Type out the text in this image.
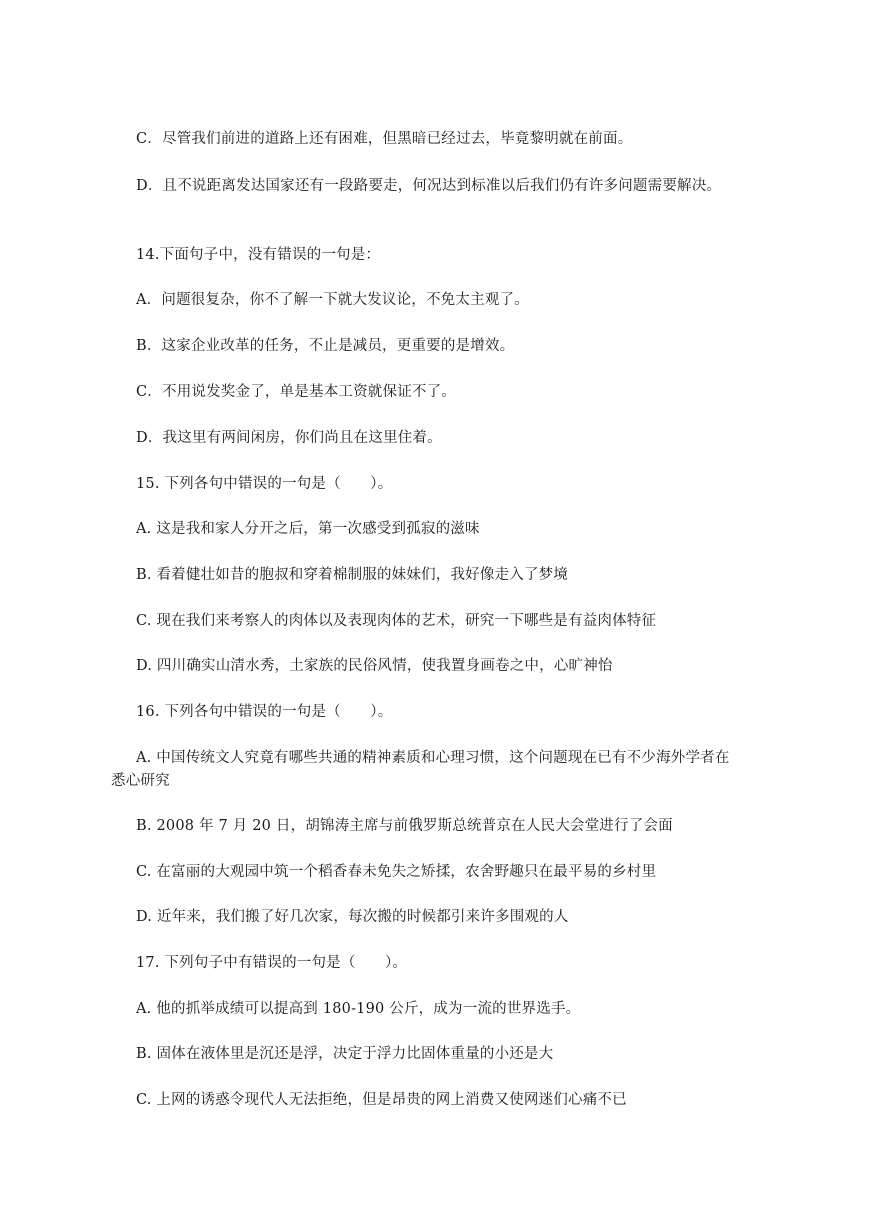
C．尽管我们前进的道路上还有困难，但黑暗已经过去，毕竟黎明就在前面。
D．且不说距离发达国家还有一段路要走，何况达到标准以后我们仍有许多问题需要解决。
14.下面句子中，没有错误的一句是：
A．问题很复杂，你不了解一下就大发议论，不免太主观了。
B．这家企业改革的任务，不止是减员，更重要的是增效。
C．不用说发奖金了，单是基本工资就保证不了。
D．我这里有两间闲房，你们尚且在这里住着。
15. 下列各句中错误的一句是（　　）。
A. 这是我和家人分开之后，第一次感受到孤寂的滋味
B. 看着健壮如昔的胞叔和穿着棉制服的妹妹们，我好像走入了梦境
C. 现在我们来考察人的肉体以及表现肉体的艺术，研究一下哪些是有益肉体特征
D. 四川确实山清水秀，土家族的民俗风情，使我置身画卷之中，心旷神怡
16. 下列各句中错误的一句是（　　）。
A. 中国传统文人究竟有哪些共通的精神素质和心理习惯，这个问题现在已有不少海外学者在悉心研究
B. 2008 年 7 月 20 日，胡锦涛主席与前俄罗斯总统普京在人民大会堂进行了会面
C. 在富丽的大观园中筑一个稻香春未免失之矫揉，农舍野趣只在最平易的乡村里
D. 近年来，我们搬了好几次家，每次搬的时候都引来许多围观的人
17. 下列句子中有错误的一句是（　　）。
A. 他的抓举成绩可以提高到 180-190 公斤，成为一流的世界选手。
B. 固体在液体里是沉还是浮，决定于浮力比固体重量的小还是大
C. 上网的诱惑令现代人无法拒绝，但是昂贵的网上消费又使网迷们心痛不已
